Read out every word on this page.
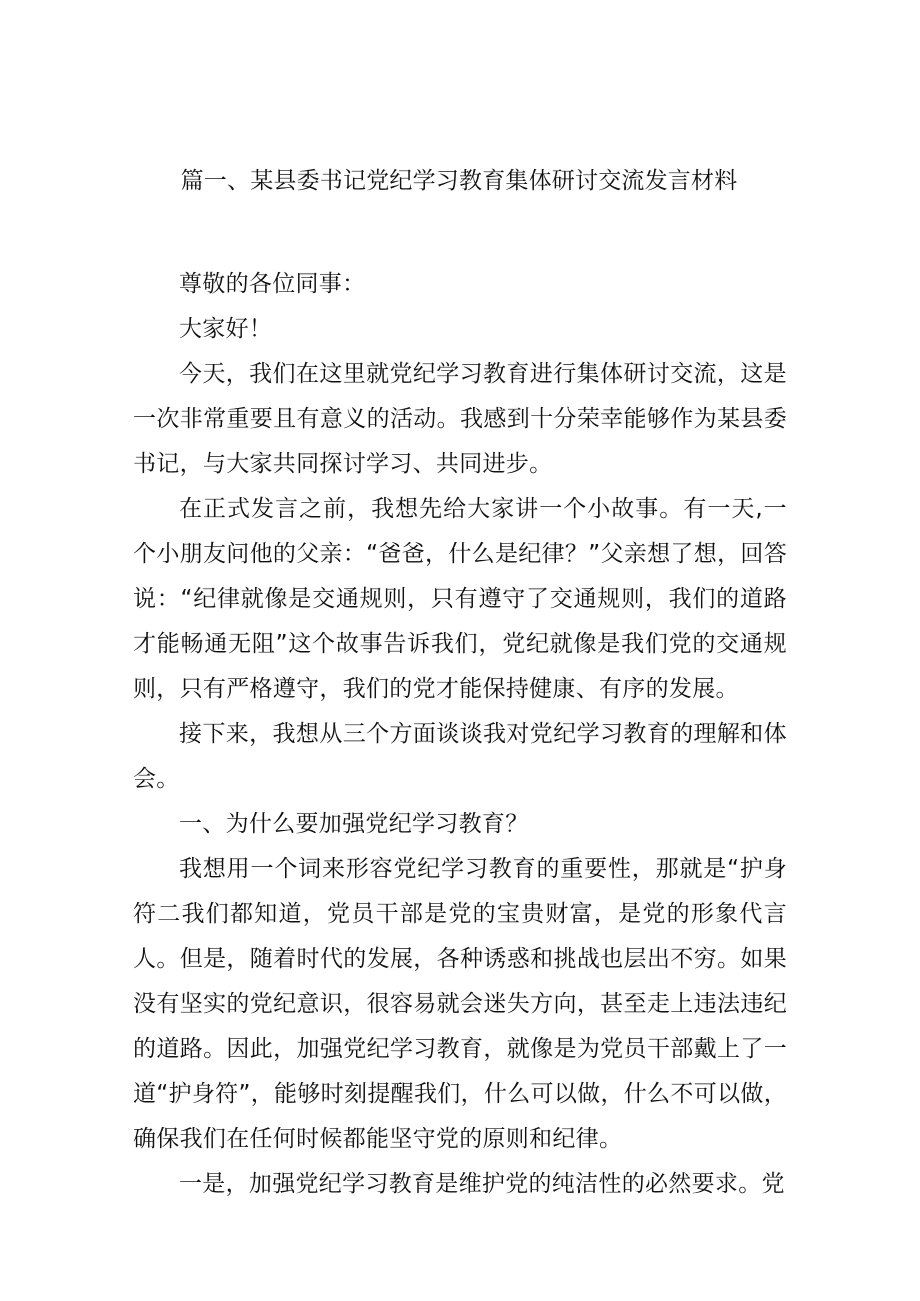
篇一、某县委书记党纪学习教育集体研讨交流发言材料

尊敬的各位同事：

大家好！

今天，我们在这里就党纪学习教育进行集体研讨交流，这是一次非常重要且有意义的活动。我感到十分荣幸能够作为某县委书记，与大家共同探讨学习、共同进步。

在正式发言之前，我想先给大家讲一个小故事。有一天,一个小朋友问他的父亲：“爸爸，什么是纪律？”父亲想了想，回答说：“纪律就像是交通规则，只有遵守了交通规则，我们的道路才能畅通无阻”这个故事告诉我们，党纪就像是我们党的交通规则，只有严格遵守，我们的党才能保持健康、有序的发展。

接下来，我想从三个方面谈谈我对党纪学习教育的理解和体会。

一、为什么要加强党纪学习教育？

我想用一个词来形容党纪学习教育的重要性，那就是“护身符二我们都知道，党员干部是党的宝贵财富，是党的形象代言人。但是，随着时代的发展，各种诱惑和挑战也层出不穷。如果没有坚实的党纪意识，很容易就会迷失方向，甚至走上违法违纪的道路。因此，加强党纪学习教育，就像是为党员干部戴上了一道“护身符”，能够时刻提醒我们，什么可以做，什么不可以做，确保我们在任何时候都能坚守党的原则和纪律。

一是，加强党纪学习教育是维护党的纯洁性的必然要求。党
